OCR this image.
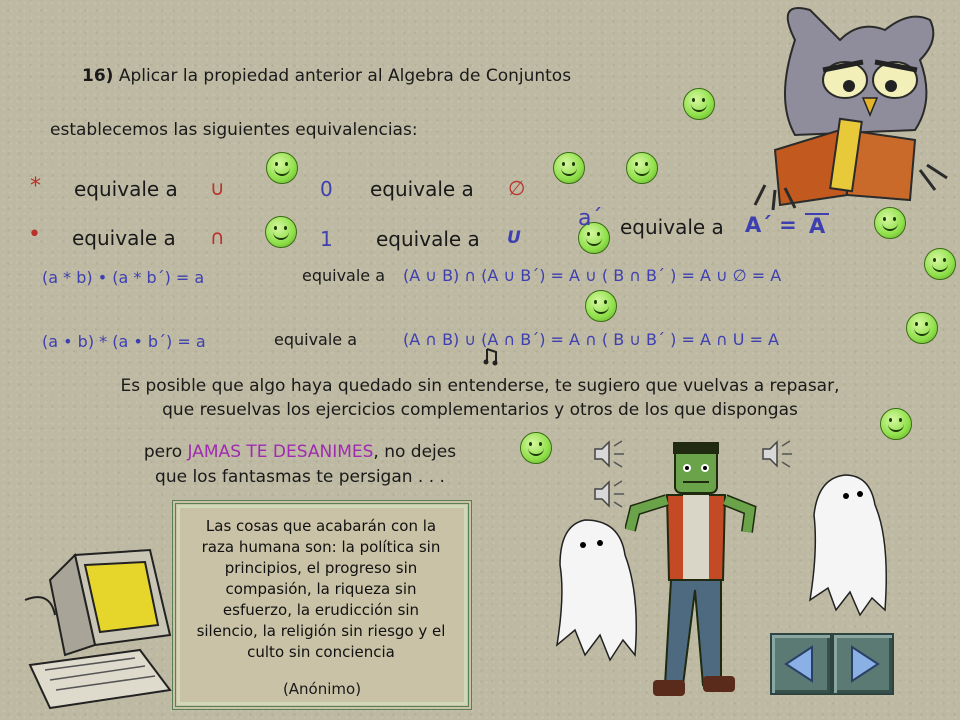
16) Aplicar la propiedad anterior al Algebra de Conjuntos
establecemos las siguientes equivalencias:
* equivale a ∪	0 equivale a ∅
• equivale a ∩	1 equivale a U
a´ equivale a A´ = A
(a * b) • (a * b´) = a	equivale a (A ∪ B) ∩ (A ∪ B´) = A ∪ ( B ∩ B´ ) = A ∪ ∅ = A
(a • b) * (a • b´) = a	equivale a	(A ∩ B) ∪ (A ∩ B´) = A ∩ ( B ∪ B´ ) = A ∩ U = A
Es posible que algo haya quedado sin entenderse, te sugiero que vuelvas a repasar,
que resuelvas los ejercicios complementarios y otros de los que dispongas
pero JAMAS TE DESANIMES, no dejes
que los fantasmas te persigan . . .
Las cosas que acabarán con la raza humana son: la política sin principios, el progreso sin compasión, la riqueza sin esfuerzo, la erudicción sin silencio, la religión sin riesgo y el culto sin conciencia
(Anónimo)
